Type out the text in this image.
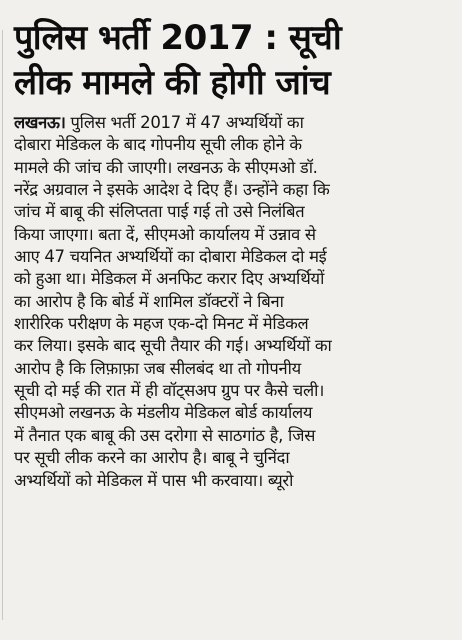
पुलिस भर्ती 2017 : सूची
लीक मामले की होगी जांच
लखनऊ। पुलिस भर्ती 2017 में 47 अभ्यर्थियों का
दोबारा मेडिकल के बाद गोपनीय सूची लीक होने के
मामले की जांच की जाएगी। लखनऊ के सीएमओ डॉ.
नरेंद्र अग्रवाल ने इसके आदेश दे दिए हैं। उन्होंने कहा कि
जांच में बाबू की संलिप्तता पाई गई तो उसे निलंबित
किया जाएगा। बता दें, सीएमओ कार्यालय में उन्नाव से
आए 47 चयनित अभ्यर्थियों का दोबारा मेडिकल दो मई
को हुआ था। मेडिकल में अनफिट करार दिए अभ्यर्थियों
का आरोप है कि बोर्ड में शामिल डॉक्टरों ने बिना
शारीरिक परीक्षण के महज एक-दो मिनट में मेडिकल
कर लिया। इसके बाद सूची तैयार की गई। अभ्यर्थियों का
आरोप है कि लिफ़ाफ़ा जब सीलबंद था तो गोपनीय
सूची दो मई की रात में ही वॉट्सअप ग्रुप पर कैसे चली।
सीएमओ लखनऊ के मंडलीय मेडिकल बोर्ड कार्यालय
में तैनात एक बाबू की उस दरोगा से साठगांठ है, जिस
पर सूची लीक करने का आरोप है। बाबू ने चुनिंदा
अभ्यर्थियों को मेडिकल में पास भी करवाया। ब्यूरो
